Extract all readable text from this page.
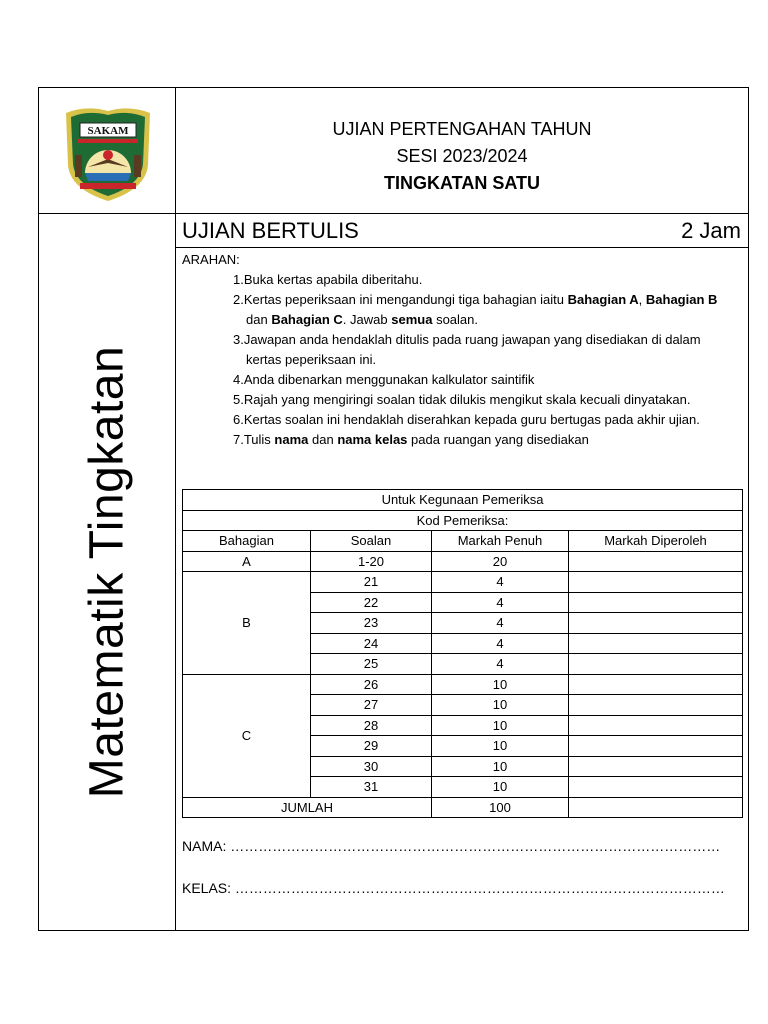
SAKAM	UJIAN PERTENGAHAN TAHUN
SESI 2023/2024
TINGKATAN SATU
Matematik Tingkatan
UJIAN BERTULIS	2 Jam
ARAHAN:
1.Buka kertas apabila diberitahu.
2.Kertas peperiksaan ini mengandungi tiga bahagian iaitu Bahagian A, Bahagian B dan Bahagian C. Jawab semua soalan.
3.Jawapan anda hendaklah ditulis pada ruang jawapan yang disediakan di dalam kertas peperiksaan ini.
4.Anda dibenarkan menggunakan kalkulator saintifik
5.Rajah yang mengiringi soalan tidak dilukis mengikut skala kecuali dinyatakan.
6.Kertas soalan ini hendaklah diserahkan kepada guru bertugas pada akhir ujian.
7.Tulis nama dan nama kelas pada ruangan yang disediakan
Untuk Kegunaan Pemeriksa			
Kod Pemeriksa:			
Bahagian	Soalan	Markah Penuh	Markah Diperoleh
A	1-20	20	
B	21	4	
	22	4	
	23	4	
	24	4	
	25	4	
C	26	10	
	27	10	
	28	10	
	29	10	
	30	10	
	31	10	
JUMLAH		100	
NAMA: ……………………………………………………………………………………………
KELAS: ……………………………………………………………………………………………
